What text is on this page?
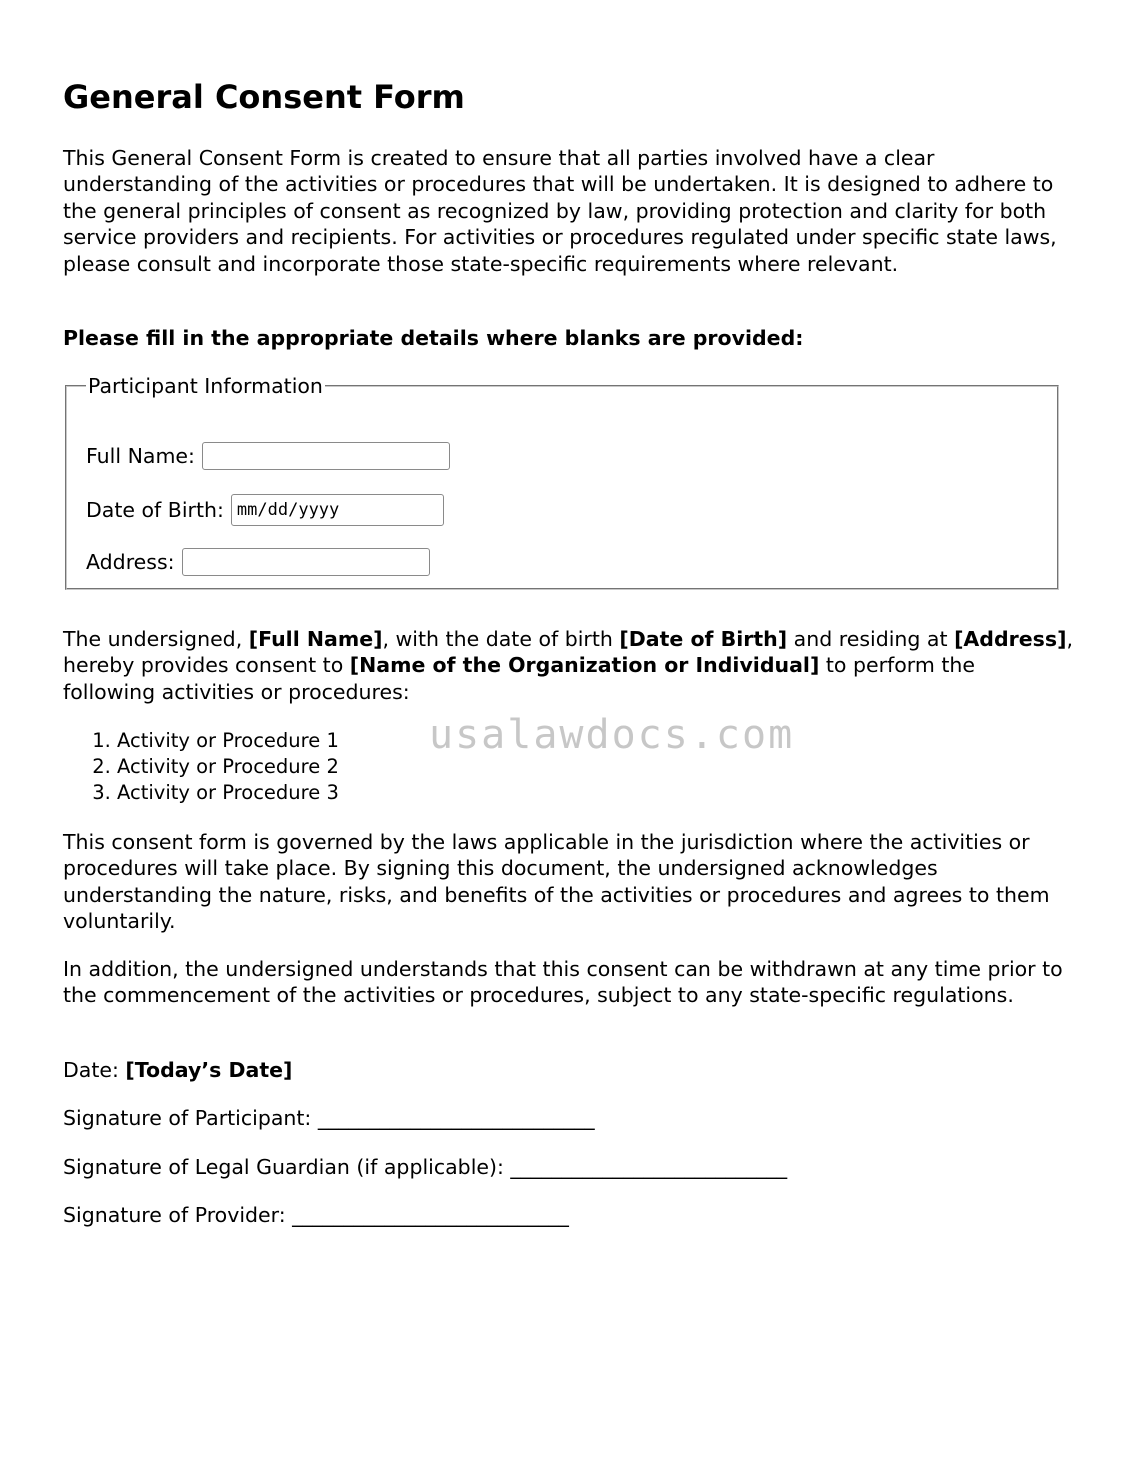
General Consent Form

This General Consent Form is created to ensure that all parties involved have a clear understanding of the activities or procedures that will be undertaken. It is designed to adhere to the general principles of consent as recognized by law, providing protection and clarity for both service providers and recipients. For activities or procedures regulated under specific state laws, please consult and incorporate those state-specific requirements where relevant.

Please fill in the appropriate details where blanks are provided:

Participant Information
Full Name:
Date of Birth:
mm/dd/yyyy
Address:

The undersigned, [Full Name], with the date of birth [Date of Birth] and residing at [Address], hereby provides consent to [Name of the Organization or Individual] to perform the following activities or procedures:

1. Activity or Procedure 1
2. Activity or Procedure 2
3. Activity or Procedure 3
usalawdocs.com

This consent form is governed by the laws applicable in the jurisdiction where the activities or procedures will take place. By signing this document, the undersigned acknowledges understanding the nature, risks, and benefits of the activities or procedures and agrees to them voluntarily.

In addition, the undersigned understands that this consent can be withdrawn at any time prior to the commencement of the activities or procedures, subject to any state-specific regulations.

Date: [Today’s Date]

Signature of Participant: ___________________________

Signature of Legal Guardian (if applicable): ___________________________

Signature of Provider: ___________________________
